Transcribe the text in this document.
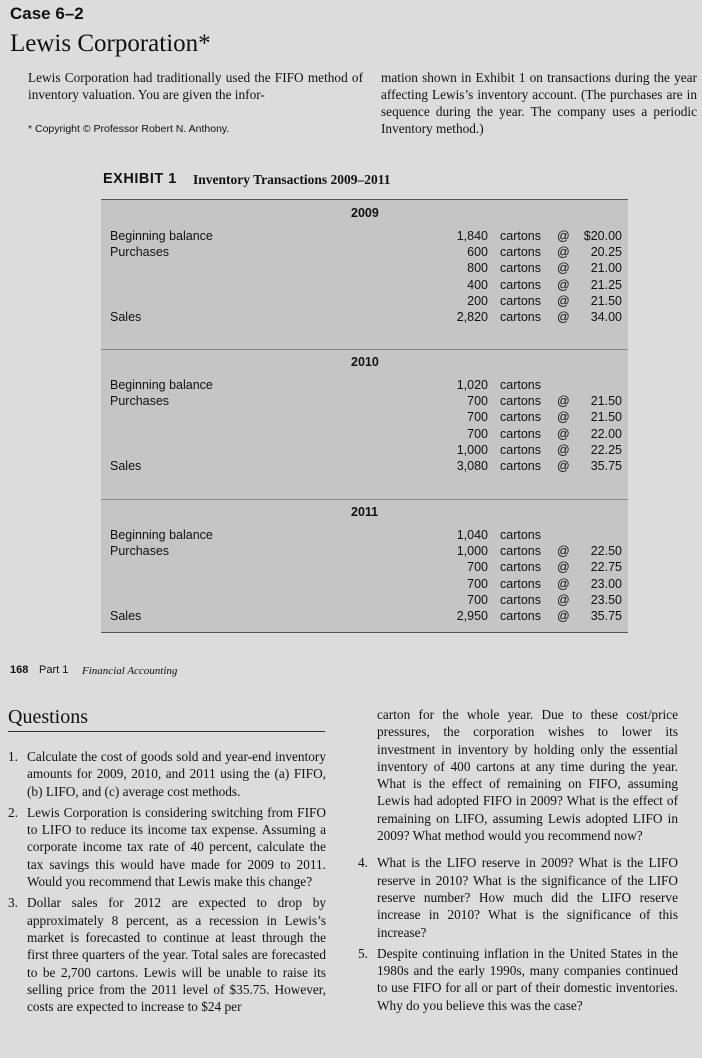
Case 6–2
Lewis Corporation*
Lewis Corporation had traditionally used the FIFO method of inventory valuation. You are given the infor-
mation shown in Exhibit 1 on transactions during the year affecting Lewis’s inventory account. (The purchases are in sequence during the year. The company uses a periodic Inventory method.)
* Copyright © Professor Robert N. Anthony.
EXHIBIT 1 Inventory Transactions 2009–2011
2009
Beginning balance	1,840 cartons @	$20.00
Purchases	600 cartons @	20.25
800 cartons @	21.00
400 cartons @	21.25
200 cartons @	21.50
Sales	2,820 cartons @	34.00
2010
Beginning balance	1,020 cartons
Purchases	700 cartons @	21.50
700 cartons @	21.50
700 cartons @	22.00
1,000 cartons @	22.25
Sales	3,080 cartons @	35.75
2011
Beginning balance	1,040 cartons
Purchases	1,000 cartons @	22.50
700 cartons @	22.75
700 cartons @	23.00
700 cartons @	23.50
Sales	2,950 cartons @	35.75
168 Part 1 Financial Accounting
Questions
1. Calculate the cost of goods sold and year-end inventory amounts for 2009, 2010, and 2011 using the (a) FIFO, (b) LIFO, and (c) average cost methods.
2. Lewis Corporation is considering switching from FIFO to LIFO to reduce its income tax expense. Assuming a corporate income tax rate of 40 percent, calculate the tax savings this would have made for 2009 to 2011. Would you recommend that Lewis make this change?
3. Dollar sales for 2012 are expected to drop by approximately 8 percent, as a recession in Lewis’s market is forecasted to continue at least through the first three quarters of the year. Total sales are forecasted to be 2,700 cartons. Lewis will be unable to raise its selling price from the 2011 level of $35.75. However, costs are expected to increase to $24 per
carton for the whole year. Due to these cost/price pressures, the corporation wishes to lower its investment in inventory by holding only the essential inventory of 400 cartons at any time during the year. What is the effect of remaining on FIFO, assuming Lewis had adopted FIFO in 2009? What is the effect of remaining on LIFO, assuming Lewis adopted LIFO in 2009? What method would you recommend now?
4. What is the LIFO reserve in 2009? What is the LIFO reserve in 2010? What is the significance of the LIFO reserve number? How much did the LIFO reserve increase in 2010? What is the significance of this increase?
5. Despite continuing inflation in the United States in the 1980s and the early 1990s, many companies continued to use FIFO for all or part of their domestic inventories. Why do you believe this was the case?
